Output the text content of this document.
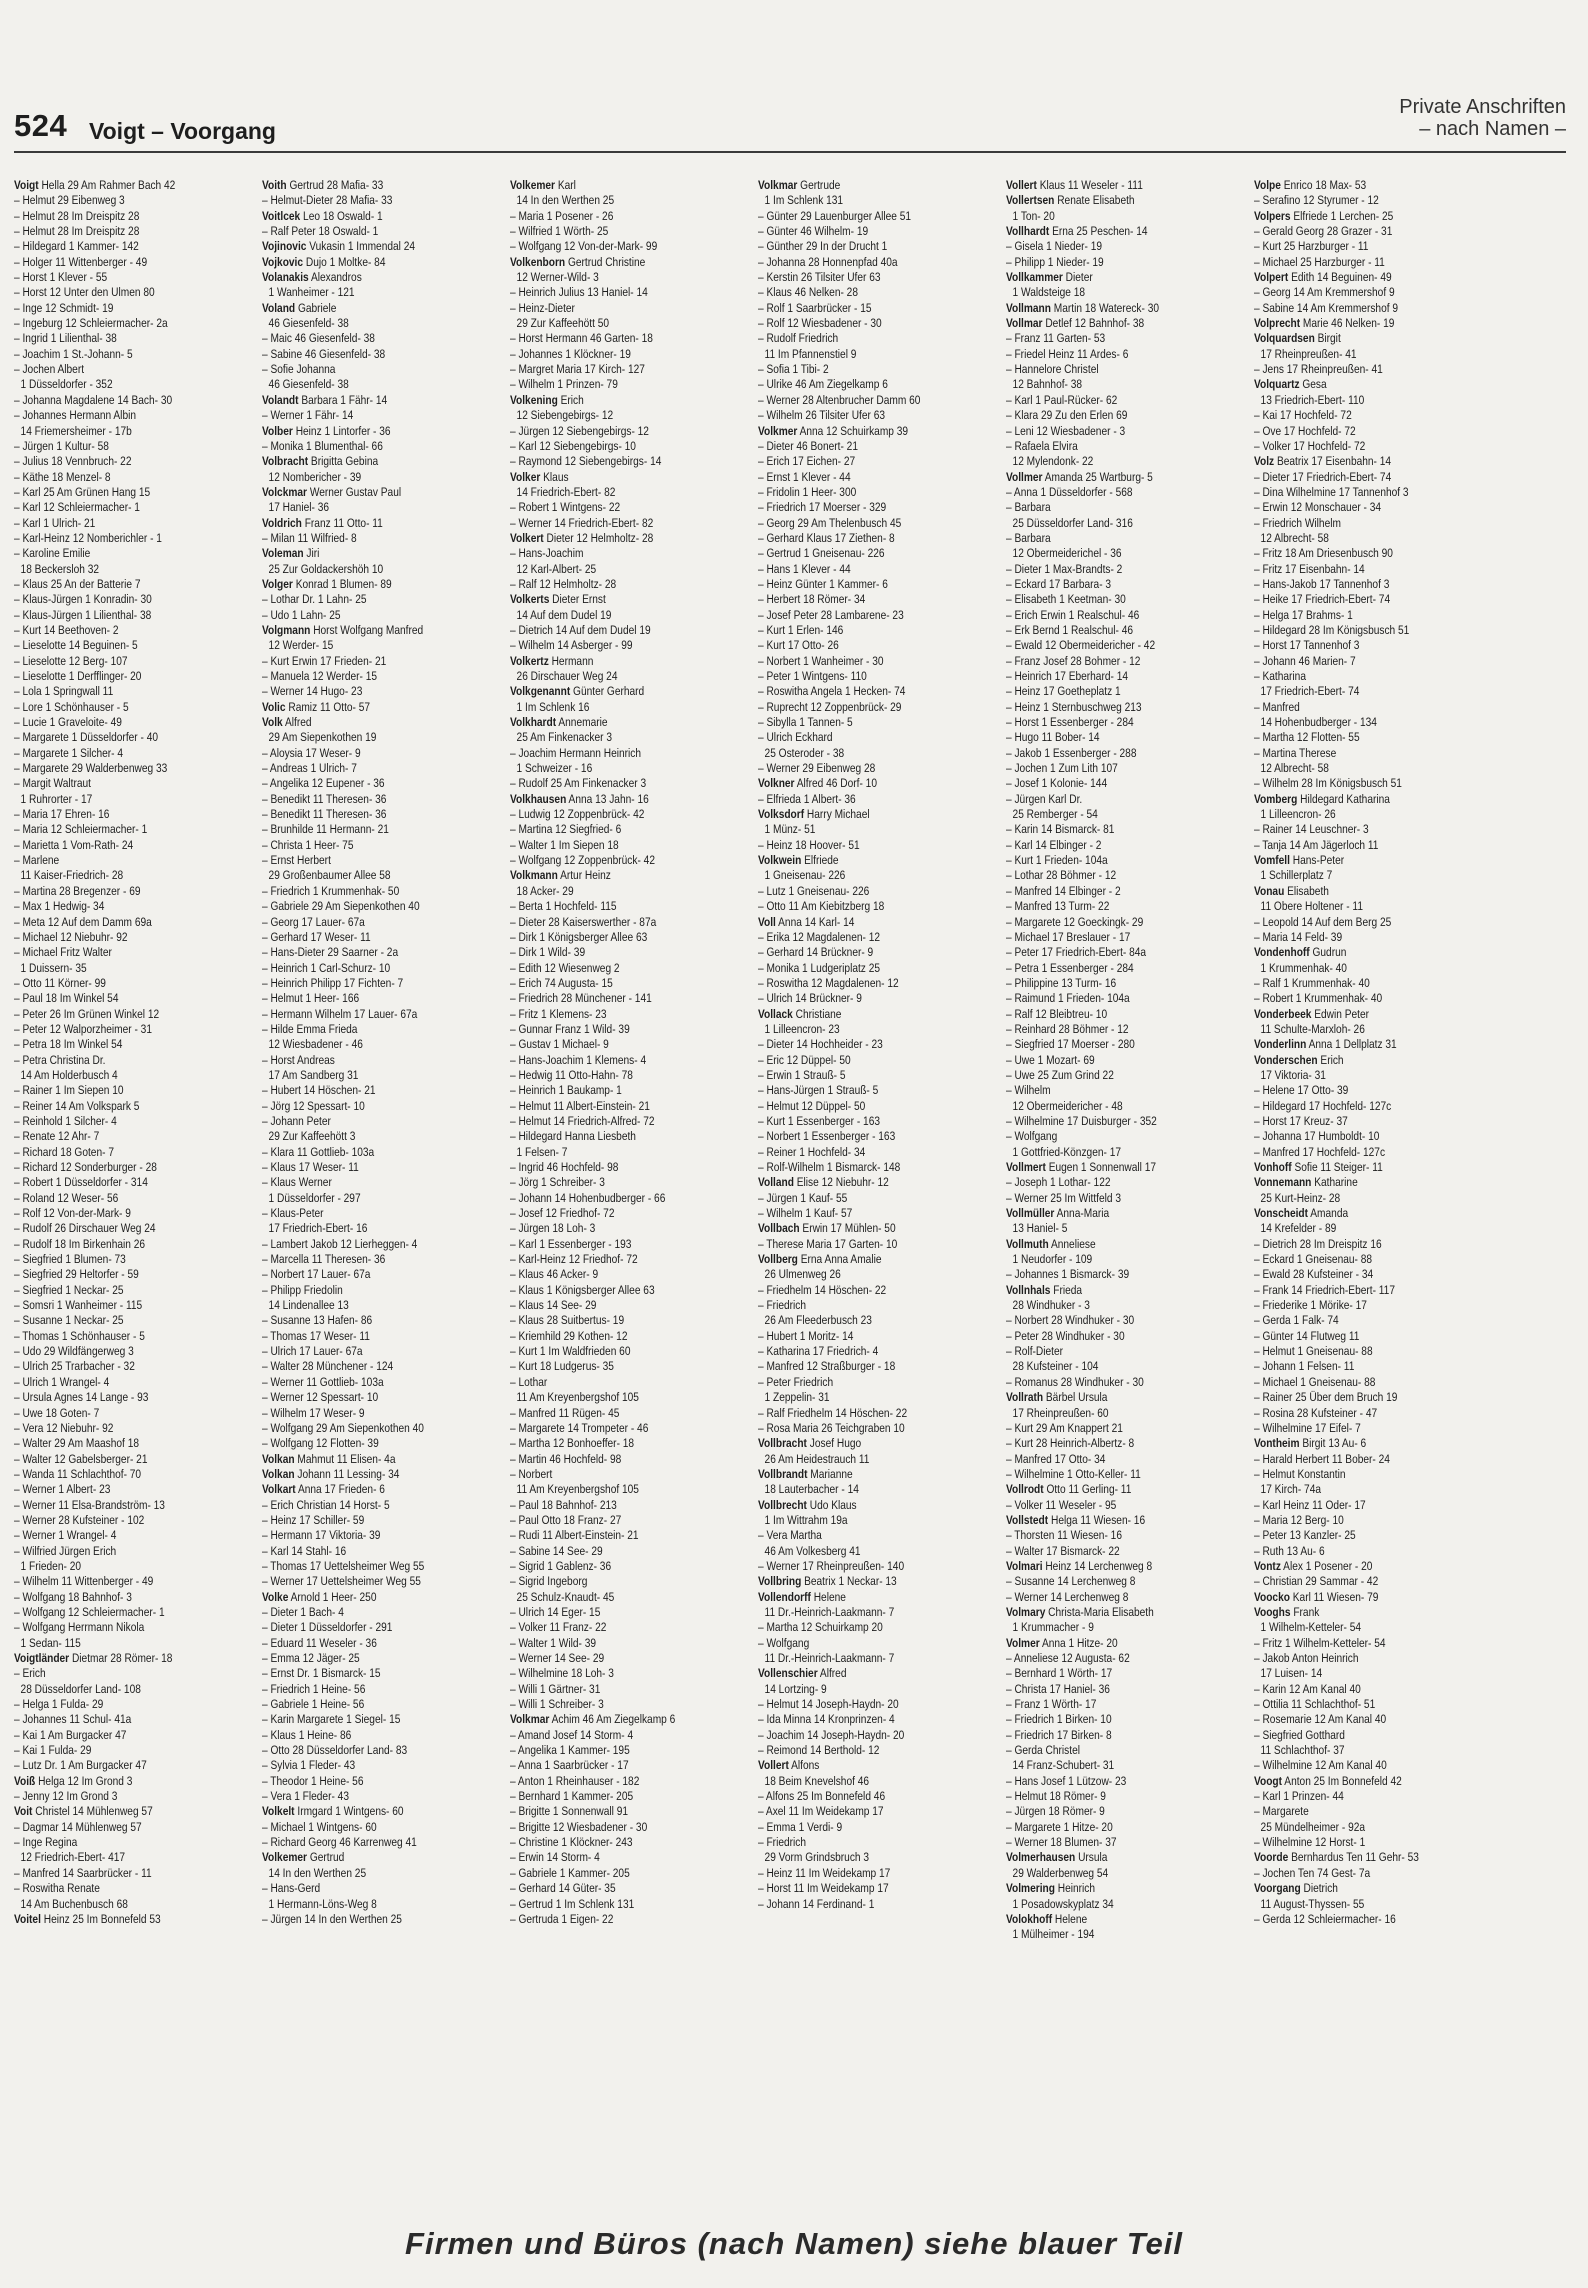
524 Voigt – Voorgang
Private Anschriften
– nach Namen –
Voigt Hella 29 Am Rahmer Bach 42
– Helmut 29 Eibenweg 3
– Helmut 28 Im Dreispitz 28
– Helmut 28 Im Dreispitz 28
– Hildegard 1 Kammer- 142
– Holger 11 Wittenberger - 49
– Horst 1 Klever - 55
– Horst 12 Unter den Ulmen 80
– Inge 12 Schmidt- 19
– Ingeburg 12 Schleiermacher- 2a
– Ingrid 1 Lilienthal- 38
– Joachim 1 St.-Johann- 5
– Jochen Albert
1 Düsseldorfer - 352
– Johanna Magdalene 14 Bach- 30
– Johannes Hermann Albin
14 Friemersheimer - 17b
– Jürgen 1 Kultur- 58
– Julius 18 Vennbruch- 22
– Käthe 18 Menzel- 8
– Karl 25 Am Grünen Hang 15
– Karl 12 Schleiermacher- 1
– Karl 1 Ulrich- 21
– Karl-Heinz 12 Nomberichler - 1
– Karoline Emilie
18 Beckersloh 32
– Klaus 25 An der Batterie 7
– Klaus-Jürgen 1 Konradin- 30
– Klaus-Jürgen 1 Lilienthal- 38
– Kurt 14 Beethoven- 2
– Lieselotte 14 Beguinen- 5
– Lieselotte 12 Berg- 107
– Lieselotte 1 Derfflinger- 20
– Lola 1 Springwall 11
– Lore 1 Schönhauser - 5
– Lucie 1 Graveloite- 49
– Margarete 1 Düsseldorfer - 40
– Margarete 1 Silcher- 4
– Margarete 29 Walderbenweg 33
– Margit Waltraut
1 Ruhrorter - 17
– Maria 17 Ehren- 16
– Maria 12 Schleiermacher- 1
– Marietta 1 Vom-Rath- 24
– Marlene
11 Kaiser-Friedrich- 28
– Martina 28 Bregenzer - 69
– Max 1 Hedwig- 34
– Meta 12 Auf dem Damm 69a
– Michael 12 Niebuhr- 92
– Michael Fritz Walter
1 Duissern- 35
– Otto 11 Körner- 99
– Paul 18 Im Winkel 54
– Peter 26 Im Grünen Winkel 12
– Peter 12 Walporzheimer - 31
– Petra 18 Im Winkel 54
– Petra Christina Dr.
14 Am Holderbusch 4
– Rainer 1 Im Siepen 10
– Reiner 14 Am Volkspark 5
– Reinhold 1 Silcher- 4
– Renate 12 Ahr- 7
– Richard 18 Goten- 7
– Richard 12 Sonderburger - 28
– Robert 1 Düsseldorfer - 314
– Roland 12 Weser- 56
– Rolf 12 Von-der-Mark- 9
– Rudolf 26 Dirschauer Weg 24
– Rudolf 18 Im Birkenhain 26
– Siegfried 1 Blumen- 73
– Siegfried 29 Heltorfer - 59
– Siegfried 1 Neckar- 25
– Somsri 1 Wanheimer - 115
– Susanne 1 Neckar- 25
– Thomas 1 Schönhauser - 5
– Udo 29 Wildfängerweg 3
– Ulrich 25 Trarbacher - 32
– Ulrich 1 Wrangel- 4
– Ursula Agnes 14 Lange - 93
– Uwe 18 Goten- 7
– Vera 12 Niebuhr- 92
– Walter 29 Am Maashof 18
– Walter 12 Gabelsberger- 21
– Wanda 11 Schlachthof- 70
– Werner 1 Albert- 23
– Werner 11 Elsa-Brandström- 13
– Werner 28 Kufsteiner - 102
– Werner 1 Wrangel- 4
– Wilfried Jürgen Erich
1 Frieden- 20
– Wilhelm 11 Wittenberger - 49
– Wolfgang 18 Bahnhof- 3
– Wolfgang 12 Schleiermacher- 1
– Wolfgang Herrmann Nikola
1 Sedan- 115
Voigtländer Dietmar 28 Römer- 18
– Erich
28 Düsseldorfer Land- 108
– Helga 1 Fulda- 29
– Johannes 11 Schul- 41a
– Kai 1 Am Burgacker 47
– Kai 1 Fulda- 29
– Lutz Dr. 1 Am Burgacker 47
Voiß Helga 12 Im Grond 3
– Jenny 12 Im Grond 3
Voit Christel 14 Mühlenweg 57
– Dagmar 14 Mühlenweg 57
– Inge Regina
12 Friedrich-Ebert- 417
– Manfred 14 Saarbrücker - 11
– Roswitha Renate
14 Am Buchenbusch 68
Voitel Heinz 25 Im Bonnefeld 53
Voith Gertrud 28 Mafia- 33
– Helmut-Dieter 28 Mafia- 33
Voitlcek Leo 18 Oswald- 1
– Ralf Peter 18 Oswald- 1
Vojinovic Vukasin 1 Immendal 24
Vojkovic Dujo 1 Moltke- 84
Volanakis Alexandros
1 Wanheimer - 121
Voland Gabriele
46 Giesenfeld- 38
– Maic 46 Giesenfeld- 38
– Sabine 46 Giesenfeld- 38
– Sofie Johanna
46 Giesenfeld- 38
Volandt Barbara 1 Fähr- 14
– Werner 1 Fähr- 14
Volber Heinz 1 Lintorfer - 36
– Monika 1 Blumenthal- 66
Volbracht Brigitta Gebina
12 Nombericher - 39
Volckmar Werner Gustav Paul
17 Haniel- 36
Voldrich Franz 11 Otto- 11
– Milan 11 Wilfried- 8
Voleman Jiri
25 Zur Goldackershöh 10
Volger Konrad 1 Blumen- 89
– Lothar Dr. 1 Lahn- 25
– Udo 1 Lahn- 25
Volgmann Horst Wolfgang Manfred
12 Werder- 15
– Kurt Erwin 17 Frieden- 21
– Manuela 12 Werder- 15
– Werner 14 Hugo- 23
Volic Ramiz 11 Otto- 57
Volk Alfred
29 Am Siepenkothen 19
– Aloysia 17 Weser- 9
– Andreas 1 Ulrich- 7
– Angelika 12 Eupener - 36
– Benedikt 11 Theresen- 36
– Benedikt 11 Theresen- 36
– Brunhilde 11 Hermann- 21
– Christa 1 Heer- 75
– Ernst Herbert
29 Großenbaumer Allee 58
– Friedrich 1 Krummenhak- 50
– Gabriele 29 Am Siepenkothen 40
– Georg 17 Lauer- 67a
– Gerhard 17 Weser- 11
– Hans-Dieter 29 Saarner - 2a
– Heinrich 1 Carl-Schurz- 10
– Heinrich Philipp 17 Fichten- 7
– Helmut 1 Heer- 166
– Hermann Wilhelm 17 Lauer- 67a
– Hilde Emma Frieda
12 Wiesbadener - 46
– Horst Andreas
17 Am Sandberg 31
– Hubert 14 Höschen- 21
– Jörg 12 Spessart- 10
– Johann Peter
29 Zur Kaffeehött 3
– Klara 11 Gottlieb- 103a
– Klaus 17 Weser- 11
– Klaus Werner
1 Düsseldorfer - 297
– Klaus-Peter
17 Friedrich-Ebert- 16
– Lambert Jakob 12 Lierheggen- 4
– Marcella 11 Theresen- 36
– Norbert 17 Lauer- 67a
– Philipp Friedolin
14 Lindenallee 13
– Susanne 13 Hafen- 86
– Thomas 17 Weser- 11
– Ulrich 17 Lauer- 67a
– Walter 28 Münchener - 124
– Werner 11 Gottlieb- 103a
– Werner 12 Spessart- 10
– Wilhelm 17 Weser- 9
– Wolfgang 29 Am Siepenkothen 40
– Wolfgang 12 Flotten- 39
Volkan Mahmut 11 Elisen- 4a
Volkan Johann 11 Lessing- 34
Volkart Anna 17 Frieden- 6
– Erich Christian 14 Horst- 5
– Heinz 17 Schiller- 59
– Hermann 17 Viktoria- 39
– Karl 14 Stahl- 16
– Thomas 17 Uettelsheimer Weg 55
– Werner 17 Uettelsheimer Weg 55
Volke Arnold 1 Heer- 250
– Dieter 1 Bach- 4
– Dieter 1 Düsseldorfer - 291
– Eduard 11 Weseler - 36
– Emma 12 Jäger- 25
– Ernst Dr. 1 Bismarck- 15
– Friedrich 1 Heine- 56
– Gabriele 1 Heine- 56
– Karin Margarete 1 Siegel- 15
– Klaus 1 Heine- 86
– Otto 28 Düsseldorfer Land- 83
– Sylvia 1 Fleder- 43
– Theodor 1 Heine- 56
– Vera 1 Fleder- 43
Volkelt Irmgard 1 Wintgens- 60
– Michael 1 Wintgens- 60
– Richard Georg 46 Karrenweg 41
Volkemer Gertrud
14 In den Werthen 25
– Hans-Gerd
1 Hermann-Löns-Weg 8
– Jürgen 14 In den Werthen 25
Volkemer Karl
14 In den Werthen 25
– Maria 1 Posener - 26
– Wilfried 1 Wörth- 25
– Wolfgang 12 Von-der-Mark- 99
Volkenborn Gertrud Christine
12 Werner-Wild- 3
– Heinrich Julius 13 Haniel- 14
– Heinz-Dieter
29 Zur Kaffeehött 50
– Horst Hermann 46 Garten- 18
– Johannes 1 Klöckner- 19
– Margret Maria 17 Kirch- 127
– Wilhelm 1 Prinzen- 79
Volkening Erich
12 Siebengebirgs- 12
– Jürgen 12 Siebengebirgs- 12
– Karl 12 Siebengebirgs- 10
– Raymond 12 Siebengebirgs- 14
Volker Klaus
14 Friedrich-Ebert- 82
– Robert 1 Wintgens- 22
– Werner 14 Friedrich-Ebert- 82
Volkert Dieter 12 Helmholtz- 28
– Hans-Joachim
12 Karl-Albert- 25
– Ralf 12 Helmholtz- 28
Volkerts Dieter Ernst
14 Auf dem Dudel 19
– Dietrich 14 Auf dem Dudel 19
– Wilhelm 14 Asberger - 99
Volkertz Hermann
26 Dirschauer Weg 24
Volkgenannt Günter Gerhard
1 Im Schlenk 16
Volkhardt Annemarie
25 Am Finkenacker 3
– Joachim Hermann Heinrich
1 Schweizer - 16
– Rudolf 25 Am Finkenacker 3
Volkhausen Anna 13 Jahn- 16
– Ludwig 12 Zoppenbrück- 42
– Martina 12 Siegfried- 6
– Walter 1 Im Siepen 18
– Wolfgang 12 Zoppenbrück- 42
Volkmann Artur Heinz
18 Acker- 29
– Berta 1 Hochfeld- 115
– Dieter 28 Kaiserswerther - 87a
– Dirk 1 Königsberger Allee 63
– Dirk 1 Wild- 39
– Edith 12 Wiesenweg 2
– Erich 74 Augusta- 15
– Friedrich 28 Münchener - 141
– Fritz 1 Klemens- 23
– Gunnar Franz 1 Wild- 39
– Gustav 1 Michael- 9
– Hans-Joachim 1 Klemens- 4
– Hedwig 11 Otto-Hahn- 78
– Heinrich 1 Baukamp- 1
– Helmut 11 Albert-Einstein- 21
– Helmut 14 Friedrich-Alfred- 72
– Hildegard Hanna Liesbeth
1 Felsen- 7
– Ingrid 46 Hochfeld- 98
– Jörg 1 Schreiber- 3
– Johann 14 Hohenbudberger - 66
– Josef 12 Friedhof- 72
– Jürgen 18 Loh- 3
– Karl 1 Essenberger - 193
– Karl-Heinz 12 Friedhof- 72
– Klaus 46 Acker- 9
– Klaus 1 Königsberger Allee 63
– Klaus 14 See- 29
– Klaus 28 Suitbertus- 19
– Kriemhild 29 Kothen- 12
– Kurt 1 Im Waldfrieden 60
– Kurt 18 Ludgerus- 35
– Lothar
11 Am Kreyenbergshof 105
– Manfred 11 Rügen- 45
– Margarete 14 Trompeter - 46
– Martha 12 Bonhoeffer- 18
– Martin 46 Hochfeld- 98
– Norbert
11 Am Kreyenbergshof 105
– Paul 18 Bahnhof- 213
– Paul Otto 18 Franz- 27
– Rudi 11 Albert-Einstein- 21
– Sabine 14 See- 29
– Sigrid 1 Gablenz- 36
– Sigrid Ingeborg
25 Schulz-Knaudt- 45
– Ulrich 14 Eger- 15
– Volker 11 Franz- 22
– Walter 1 Wild- 39
– Werner 14 See- 29
– Wilhelmine 18 Loh- 3
– Willi 1 Gärtner- 31
– Willi 1 Schreiber- 3
Volkmar Achim 46 Am Ziegelkamp 6
– Amand Josef 14 Storm- 4
– Angelika 1 Kammer- 195
– Anna 1 Saarbrücker - 17
– Anton 1 Rheinhauser - 182
– Bernhard 1 Kammer- 205
– Brigitte 1 Sonnenwall 91
– Brigitte 12 Wiesbadener - 30
– Christine 1 Klöckner- 243
– Erwin 14 Storm- 4
– Gabriele 1 Kammer- 205
– Gerhard 14 Güter- 35
– Gertrud 1 Im Schlenk 131
– Gertruda 1 Eigen- 22
Volkmar Gertrude
1 Im Schlenk 131
– Günter 29 Lauenburger Allee 51
– Günter 46 Wilhelm- 19
– Günther 29 In der Drucht 1
– Johanna 28 Honnenpfad 40a
– Kerstin 26 Tilsiter Ufer 63
– Klaus 46 Nelken- 28
– Rolf 1 Saarbrücker - 15
– Rolf 12 Wiesbadener - 30
– Rudolf Friedrich
11 Im Pfannenstiel 9
– Sofia 1 Tibi- 2
– Ulrike 46 Am Ziegelkamp 6
– Werner 28 Altenbrucher Damm 60
– Wilhelm 26 Tilsiter Ufer 63
Volkmer Anna 12 Schuirkamp 39
– Dieter 46 Bonert- 21
– Erich 17 Eichen- 27
– Ernst 1 Klever - 44
– Fridolin 1 Heer- 300
– Friedrich 17 Moerser - 329
– Georg 29 Am Thelenbusch 45
– Gerhard Klaus 17 Ziethen- 8
– Gertrud 1 Gneisenau- 226
– Hans 1 Klever - 44
– Heinz Günter 1 Kammer- 6
– Herbert 18 Römer- 34
– Josef Peter 28 Lambarene- 23
– Kurt 1 Erlen- 146
– Kurt 17 Otto- 26
– Norbert 1 Wanheimer - 30
– Peter 1 Wintgens- 110
– Roswitha Angela 1 Hecken- 74
– Ruprecht 12 Zoppenbrück- 29
– Sibylla 1 Tannen- 5
– Ulrich Eckhard
25 Osteroder - 38
– Werner 29 Eibenweg 28
Volkner Alfred 46 Dorf- 10
– Elfrieda 1 Albert- 36
Volksdorf Harry Michael
1 Münz- 51
– Heinz 18 Hoover- 51
Volkwein Elfriede
1 Gneisenau- 226
– Lutz 1 Gneisenau- 226
– Otto 11 Am Kiebitzberg 18
Voll Anna 14 Karl- 14
– Erika 12 Magdalenen- 12
– Gerhard 14 Brückner- 9
– Monika 1 Ludgeriplatz 25
– Roswitha 12 Magdalenen- 12
– Ulrich 14 Brückner- 9
Vollack Christiane
1 Lilleencron- 23
– Dieter 14 Hochheider - 23
– Eric 12 Düppel- 50
– Erwin 1 Strauß- 5
– Hans-Jürgen 1 Strauß- 5
– Helmut 12 Düppel- 50
– Kurt 1 Essenberger - 163
– Norbert 1 Essenberger - 163
– Reiner 1 Hochfeld- 34
– Rolf-Wilhelm 1 Bismarck- 148
Volland Elise 12 Niebuhr- 12
– Jürgen 1 Kauf- 55
– Wilhelm 1 Kauf- 57
Vollbach Erwin 17 Mühlen- 50
– Therese Maria 17 Garten- 10
Vollberg Erna Anna Amalie
26 Ulmenweg 26
– Friedhelm 14 Höschen- 22
– Friedrich
26 Am Fleederbusch 23
– Hubert 1 Moritz- 14
– Katharina 17 Friedrich- 4
– Manfred 12 Straßburger - 18
– Peter Friedrich
1 Zeppelin- 31
– Ralf Friedhelm 14 Höschen- 22
– Rosa Maria 26 Teichgraben 10
Vollbracht Josef Hugo
26 Am Heidestrauch 11
Vollbrandt Marianne
18 Lauterbacher - 14
Vollbrecht Udo Klaus
1 Im Wittrahm 19a
– Vera Martha
46 Am Volkesberg 41
– Werner 17 Rheinpreußen- 140
Vollbring Beatrix 1 Neckar- 13
Vollendorff Helene
11 Dr.-Heinrich-Laakmann- 7
– Martha 12 Schuirkamp 20
– Wolfgang
11 Dr.-Heinrich-Laakmann- 7
Vollenschier Alfred
14 Lortzing- 9
– Helmut 14 Joseph-Haydn- 20
– Ida Minna 14 Kronprinzen- 4
– Joachim 14 Joseph-Haydn- 20
– Reimond 14 Berthold- 12
Vollert Alfons
18 Beim Knevelshof 46
– Alfons 25 Im Bonnefeld 46
– Axel 11 Im Weidekamp 17
– Emma 1 Verdi- 9
– Friedrich
29 Vorm Grindsbruch 3
– Heinz 11 Im Weidekamp 17
– Horst 11 Im Weidekamp 17
– Johann 14 Ferdinand- 1
Vollert Klaus 11 Weseler - 111
Vollertsen Renate Elisabeth
1 Ton- 20
Vollhardt Erna 25 Peschen- 14
– Gisela 1 Nieder- 19
– Philipp 1 Nieder- 19
Vollkammer Dieter
1 Waldsteige 18
Vollmann Martin 18 Watereck- 30
Vollmar Detlef 12 Bahnhof- 38
– Franz 11 Garten- 53
– Friedel Heinz 11 Ardes- 6
– Hannelore Christel
12 Bahnhof- 38
– Karl 1 Paul-Rücker- 62
– Klara 29 Zu den Erlen 69
– Leni 12 Wiesbadener - 3
– Rafaela Elvira
12 Mylendonk- 22
Vollmer Amanda 25 Wartburg- 5
– Anna 1 Düsseldorfer - 568
– Barbara
25 Düsseldorfer Land- 316
– Barbara
12 Obermeiderichel - 36
– Dieter 1 Max-Brandts- 2
– Eckard 17 Barbara- 3
– Elisabeth 1 Keetman- 30
– Erich Erwin 1 Realschul- 46
– Erk Bernd 1 Realschul- 46
– Ewald 12 Obermeidericher - 42
– Franz Josef 28 Bohmer - 12
– Heinrich 17 Eberhard- 14
– Heinz 17 Goetheplatz 1
– Heinz 1 Sternbuschweg 213
– Horst 1 Essenberger - 284
– Hugo 11 Bober- 14
– Jakob 1 Essenberger - 288
– Jochen 1 Zum Lith 107
– Josef 1 Kolonie- 144
– Jürgen Karl Dr.
25 Remberger - 54
– Karin 14 Bismarck- 81
– Karl 14 Elbinger - 2
– Kurt 1 Frieden- 104a
– Lothar 28 Böhmer - 12
– Manfred 14 Elbinger - 2
– Manfred 13 Turm- 22
– Margarete 12 Goeckingk- 29
– Michael 17 Breslauer - 17
– Peter 17 Friedrich-Ebert- 84a
– Petra 1 Essenberger - 284
– Philippine 13 Turm- 16
– Raimund 1 Frieden- 104a
– Ralf 12 Bleibtreu- 10
– Reinhard 28 Böhmer - 12
– Siegfried 17 Moerser - 280
– Uwe 1 Mozart- 69
– Uwe 25 Zum Grind 22
– Wilhelm
12 Obermeidericher - 48
– Wilhelmine 17 Duisburger - 352
– Wolfgang
1 Gottfried-Könzgen- 17
Vollmert Eugen 1 Sonnenwall 17
– Joseph 1 Lothar- 122
– Werner 25 Im Wittfeld 3
Vollmüller Anna-Maria
13 Haniel- 5
Vollmuth Anneliese
1 Neudorfer - 109
– Johannes 1 Bismarck- 39
Vollnhals Frieda
28 Windhuker - 3
– Norbert 28 Windhuker - 30
– Peter 28 Windhuker - 30
– Rolf-Dieter
28 Kufsteiner - 104
– Romanus 28 Windhuker - 30
Vollrath Bärbel Ursula
17 Rheinpreußen- 60
– Kurt 29 Am Knappert 21
– Kurt 28 Heinrich-Albertz- 8
– Manfred 17 Otto- 34
– Wilhelmine 1 Otto-Keller- 11
Vollrodt Otto 11 Gerling- 11
– Volker 11 Weseler - 95
Vollstedt Helga 11 Wiesen- 16
– Thorsten 11 Wiesen- 16
– Walter 17 Bismarck- 22
Volmari Heinz 14 Lerchenweg 8
– Susanne 14 Lerchenweg 8
– Werner 14 Lerchenweg 8
Volmary Christa-Maria Elisabeth
1 Krummacher - 9
Volmer Anna 1 Hitze- 20
– Anneliese 12 Augusta- 62
– Bernhard 1 Wörth- 17
– Christa 17 Haniel- 36
– Franz 1 Wörth- 17
– Friedrich 1 Birken- 10
– Friedrich 17 Birken- 8
– Gerda Christel
14 Franz-Schubert- 31
– Hans Josef 1 Lützow- 23
– Helmut 18 Römer- 9
– Jürgen 18 Römer- 9
– Margarete 1 Hitze- 20
– Werner 18 Blumen- 37
Volmerhausen Ursula
29 Walderbenweg 54
Volmering Heinrich
1 Posadowskyplatz 34
Volokhoff Helene
1 Mülheimer - 194
Volpe Enrico 18 Max- 53
– Serafino 12 Styrumer - 12
Volpers Elfriede 1 Lerchen- 25
– Gerald Georg 28 Grazer - 31
– Kurt 25 Harzburger - 11
– Michael 25 Harzburger - 11
Volpert Edith 14 Beguinen- 49
– Georg 14 Am Kremmershof 9
– Sabine 14 Am Kremmershof 9
Volprecht Marie 46 Nelken- 19
Volquardsen Birgit
17 Rheinpreußen- 41
– Jens 17 Rheinpreußen- 41
Volquartz Gesa
13 Friedrich-Ebert- 110
– Kai 17 Hochfeld- 72
– Ove 17 Hochfeld- 72
– Volker 17 Hochfeld- 72
Volz Beatrix 17 Eisenbahn- 14
– Dieter 17 Friedrich-Ebert- 74
– Dina Wilhelmine 17 Tannenhof 3
– Erwin 12 Monschauer - 34
– Friedrich Wilhelm
12 Albrecht- 58
– Fritz 18 Am Driesenbusch 90
– Fritz 17 Eisenbahn- 14
– Hans-Jakob 17 Tannenhof 3
– Heike 17 Friedrich-Ebert- 74
– Helga 17 Brahms- 1
– Hildegard 28 Im Königsbusch 51
– Horst 17 Tannenhof 3
– Johann 46 Marien- 7
– Katharina
17 Friedrich-Ebert- 74
– Manfred
14 Hohenbudberger - 134
– Martha 12 Flotten- 55
– Martina Therese
12 Albrecht- 58
– Wilhelm 28 Im Königsbusch 51
Vomberg Hildegard Katharina
1 Lilleencron- 26
– Rainer 14 Leuschner- 3
– Tanja 14 Am Jägerloch 11
Vomfell Hans-Peter
1 Schillerplatz 7
Vonau Elisabeth
11 Obere Holtener - 11
– Leopold 14 Auf dem Berg 25
– Maria 14 Feld- 39
Vondenhoff Gudrun
1 Krummenhak- 40
– Ralf 1 Krummenhak- 40
– Robert 1 Krummenhak- 40
Vonderbeek Edwin Peter
11 Schulte-Marxloh- 26
Vonderlinn Anna 1 Dellplatz 31
Vonderschen Erich
17 Viktoria- 31
– Helene 17 Otto- 39
– Hildegard 17 Hochfeld- 127c
– Horst 17 Kreuz- 37
– Johanna 17 Humboldt- 10
– Manfred 17 Hochfeld- 127c
Vonhoff Sofie 11 Steiger- 11
Vonnemann Katharine
25 Kurt-Heinz- 28
Vonscheidt Amanda
14 Krefelder - 89
– Dietrich 28 Im Dreispitz 16
– Eckard 1 Gneisenau- 88
– Ewald 28 Kufsteiner - 34
– Frank 14 Friedrich-Ebert- 117
– Friederike 1 Mörike- 17
– Gerda 1 Falk- 74
– Günter 14 Flutweg 11
– Helmut 1 Gneisenau- 88
– Johann 1 Felsen- 11
– Michael 1 Gneisenau- 88
– Rainer 25 Über dem Bruch 19
– Rosina 28 Kufsteiner - 47
– Wilhelmine 17 Eifel- 7
Vontheim Birgit 13 Au- 6
– Harald Herbert 11 Bober- 24
– Helmut Konstantin
17 Kirch- 74a
– Karl Heinz 11 Oder- 17
– Maria 12 Berg- 10
– Peter 13 Kanzler- 25
– Ruth 13 Au- 6
Vontz Alex 1 Posener - 20
– Christian 29 Sammar - 42
Voocko Karl 11 Wiesen- 79
Vooghs Frank
1 Wilhelm-Ketteler- 54
– Fritz 1 Wilhelm-Ketteler- 54
– Jakob Anton Heinrich
17 Luisen- 14
– Karin 12 Am Kanal 40
– Ottilia 11 Schlachthof- 51
– Rosemarie 12 Am Kanal 40
– Siegfried Gotthard
11 Schlachthof- 37
– Wilhelmine 12 Am Kanal 40
Voogt Anton 25 Im Bonnefeld 42
– Karl 1 Prinzen- 44
– Margarete
25 Mündelheimer - 92a
– Wilhelmine 12 Horst- 1
Voorde Bernhardus Ten 11 Gehr- 53
– Jochen Ten 74 Gest- 7a
Voorgang Dietrich
11 August-Thyssen- 55
– Gerda 12 Schleiermacher- 16
Firmen und Büros (nach Namen) siehe blauer Teil
